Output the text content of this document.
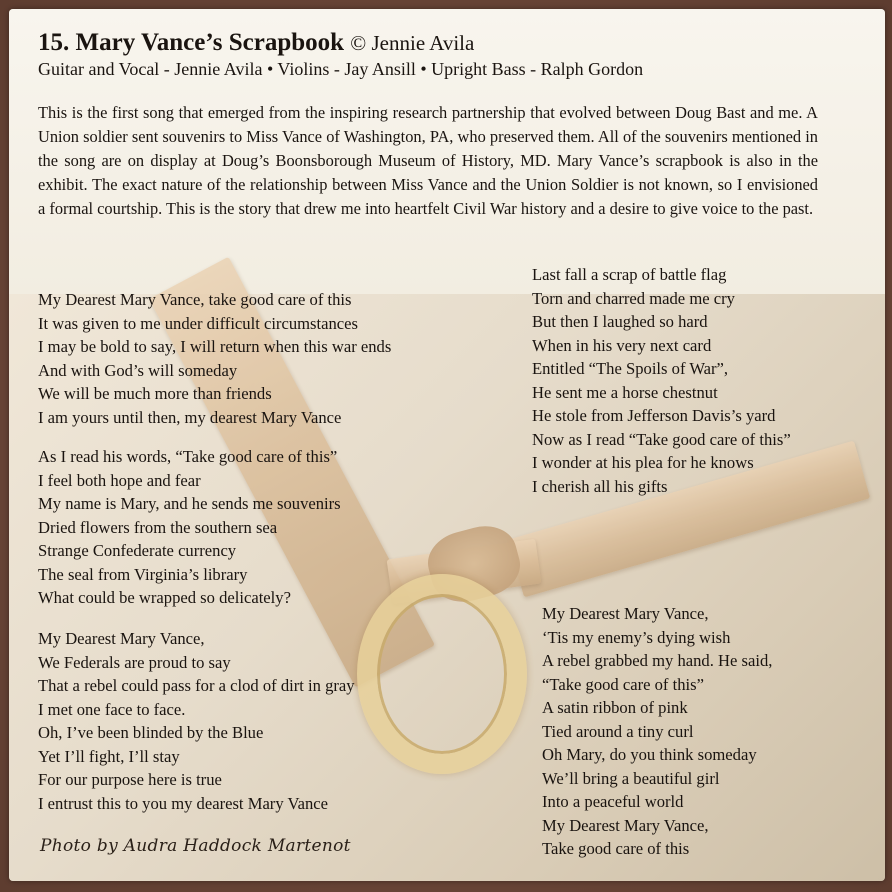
15. Mary Vance’s Scrapbook © Jennie Avila
Guitar and Vocal - Jennie Avila • Violins - Jay Ansill • Upright Bass - Ralph Gordon
This is the first song that emerged from the inspiring research partnership that evolved between Doug Bast and me. A Union soldier sent souvenirs to Miss Vance of Washington, PA, who preserved them. All of the souvenirs mentioned in the song are on display at Doug’s Boonsborough Museum of History, MD. Mary Vance’s scrapbook is also in the exhibit. The exact nature of the relationship between Miss Vance and the Union Soldier is not known, so I envisioned a formal courtship. This is the story that drew me into heartfelt Civil War history and a desire to give voice to the past.
My Dearest Mary Vance, take good care of this
It was given to me under difficult circumstances
I may be bold to say, I will return when this war ends
And with God’s will someday
We will be much more than friends
I am yours until then, my dearest Mary Vance
As I read his words, “Take good care of this”
I feel both hope and fear
My name is Mary, and he sends me souvenirs
Dried flowers from the southern sea
Strange Confederate currency
The seal from Virginia’s library
What could be wrapped so delicately?
My Dearest Mary Vance,
We Federals are proud to say
That a rebel could pass for a clod of dirt in gray
I met one face to face.
Oh, I’ve been blinded by the Blue
Yet I’ll fight, I’ll stay
For our purpose here is true
I entrust this to you my dearest Mary Vance
Last fall a scrap of battle flag
Torn and charred made me cry
But then I laughed so hard
When in his very next card
Entitled “The Spoils of War”,
He sent me a horse chestnut
He stole from Jefferson Davis’s yard
Now as I read “Take good care of this”
I wonder at his plea for he knows
I cherish all his gifts
My Dearest Mary Vance,
‘Tis my enemy’s dying wish
A rebel grabbed my hand. He said,
“Take good care of this”
A satin ribbon of pink
Tied around a tiny curl
Oh Mary, do you think someday
We’ll bring a beautiful girl
Into a peaceful world
My Dearest Mary Vance,
Take good care of this
Photo by Audra Haddock Martenot
